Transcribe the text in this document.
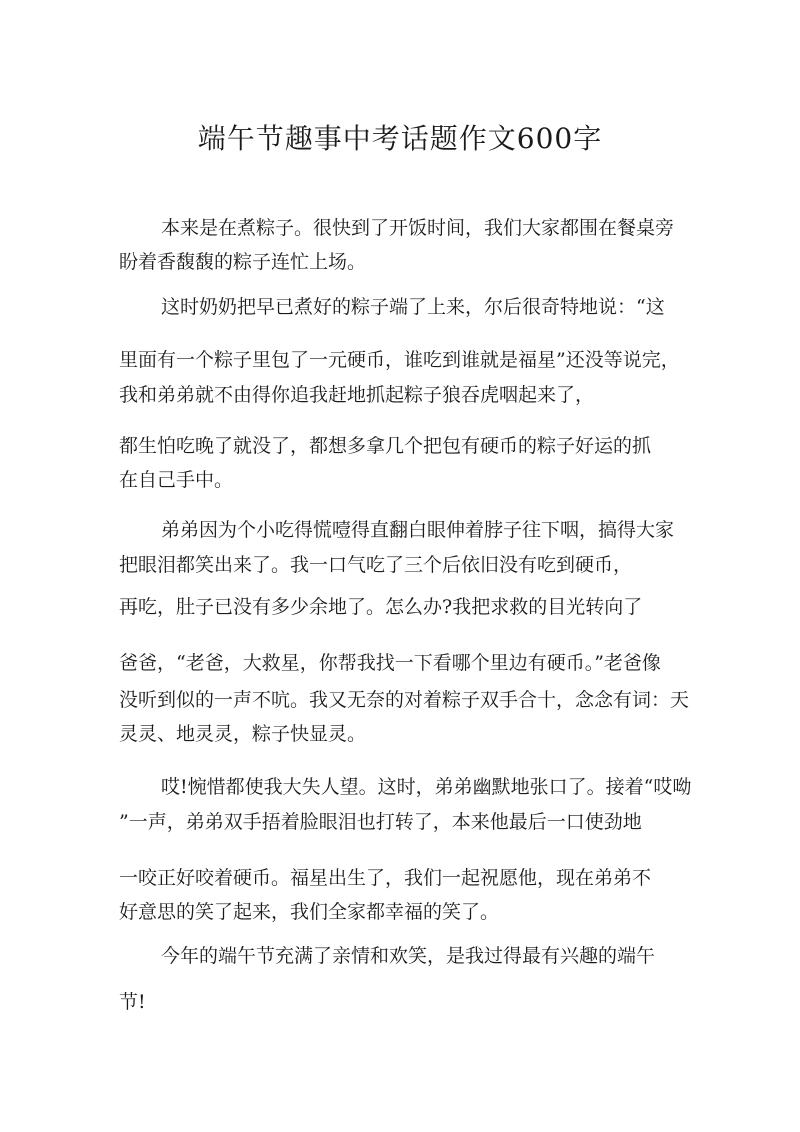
端午节趣事中考话题作文600字
本来是在煮粽子。很快到了开饭时间，我们大家都围在餐桌旁
盼着香馥馥的粽子连忙上场。
这时奶奶把早已煮好的粽子端了上来，尔后很奇特地说：“这
里面有一个粽子里包了一元硬币，谁吃到谁就是福星”还没等说完，
我和弟弟就不由得你追我赶地抓起粽子狼吞虎咽起来了，
都生怕吃晚了就没了，都想多拿几个把包有硬币的粽子好运的抓
在自己手中。
弟弟因为个小吃得慌噎得直翻白眼伸着脖子往下咽，搞得大家
把眼泪都笑出来了。我一口气吃了三个后依旧没有吃到硬币，
再吃，肚子已没有多少余地了。怎么办?我把求救的目光转向了
爸爸，“老爸，大救星，你帮我找一下看哪个里边有硬币。”老爸像
没听到似的一声不吭。我又无奈的对着粽子双手合十，念念有词：天
灵灵、地灵灵，粽子快显灵。
哎!惋惜都使我大失人望。这时，弟弟幽默地张口了。接着“哎呦
”一声，弟弟双手捂着脸眼泪也打转了，本来他最后一口使劲地
一咬正好咬着硬币。福星出生了，我们一起祝愿他，现在弟弟不
好意思的笑了起来，我们全家都幸福的笑了。
今年的端午节充满了亲情和欢笑，是我过得最有兴趣的端午
节!
